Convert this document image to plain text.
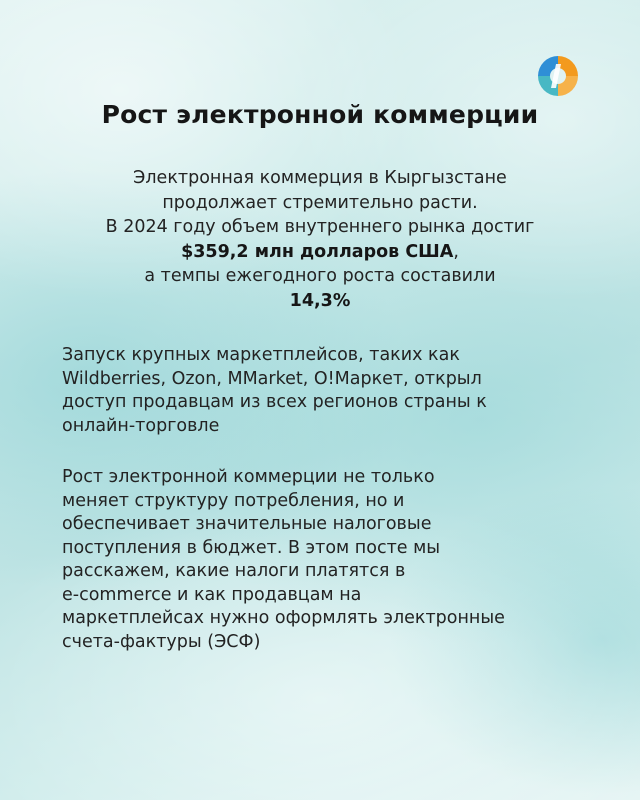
Рост электронной коммерции
Электронная коммерция в Кыргызстане
продолжает стремительно расти.
В 2024 году объем внутреннего рынка достиг
$359,2 млн долларов США,
а темпы ежегодного роста составили
14,3%
Запуск крупных маркетплейсов, таких как
Wildberries, Ozon, MMarket, O!Маркет, открыл
доступ продавцам из всех регионов страны к
онлайн-торговле
Рост электронной коммерции не только
меняет структуру потребления, но и
обеспечивает значительные налоговые
поступления в бюджет. В этом посте мы
расскажем, какие налоги платятся в
e-commerce и как продавцам на
маркетплейсах нужно оформлять электронные
счета-фактуры (ЭСФ)
